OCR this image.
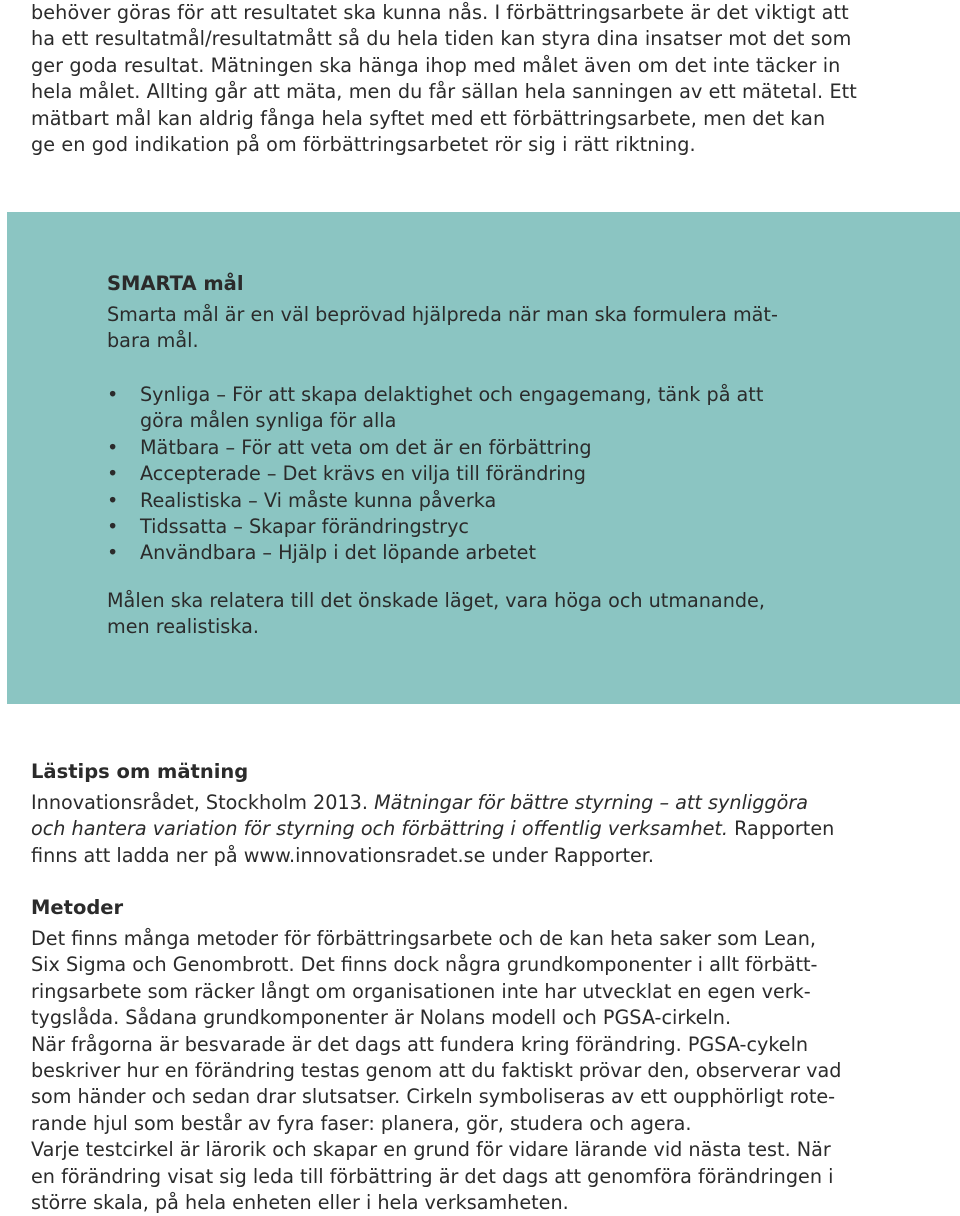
behöver göras för att resultatet ska kunna nås. I förbättringsarbete är det viktigt att
ha ett resultatmål/resultatmått så du hela tiden kan styra dina insatser mot det som
ger goda resultat. Mätningen ska hänga ihop med målet även om det inte täcker in
hela målet. Allting går att mäta, men du får sällan hela sanningen av ett mätetal. Ett
mätbart mål kan aldrig fånga hela syftet med ett förbättringsarbete, men det kan
ge en god indikation på om förbättringsarbetet rör sig i rätt riktning.

SMARTA mål

Smarta mål är en väl beprövad hjälpreda när man ska formulera mät-
bara mål.

• Synliga – För att skapa delaktighet och engagemang, tänk på att
göra målen synliga för alla
• Mätbara – För att veta om det är en förbättring
• Accepterade – Det krävs en vilja till förändring
• Realistiska – Vi måste kunna påverka
• Tidssatta – Skapar förändringstryc
• Användbara – Hjälp i det löpande arbetet

Målen ska relatera till det önskade läget, vara höga och utmanande,
men realistiska.

Lästips om mätning

Innovationsrådet, Stockholm 2013. Mätningar för bättre styrning – att synliggöra
och hantera variation för styrning och förbättring i offentlig verksamhet. Rapporten
finns att ladda ner på www.innovationsradet.se under Rapporter.

Metoder

Det finns många metoder för förbättringsarbete och de kan heta saker som Lean,
Six Sigma och Genombrott. Det finns dock några grundkomponenter i allt förbätt-
ringsarbete som räcker långt om organisationen inte har utvecklat en egen verk-
tygslåda. Sådana grundkomponenter är Nolans modell och PGSA-cirkeln.
När frågorna är besvarade är det dags att fundera kring förändring. PGSA-cykeln
beskriver hur en förändring testas genom att du faktiskt prövar den, observerar vad
som händer och sedan drar slutsatser. Cirkeln symboliseras av ett oupphörligt rote-
rande hjul som består av fyra faser: planera, gör, studera och agera.
Varje testcirkel är lärorik och skapar en grund för vidare lärande vid nästa test. När
en förändring visat sig leda till förbättring är det dags att genomföra förändringen i
större skala, på hela enheten eller i hela verksamheten.
